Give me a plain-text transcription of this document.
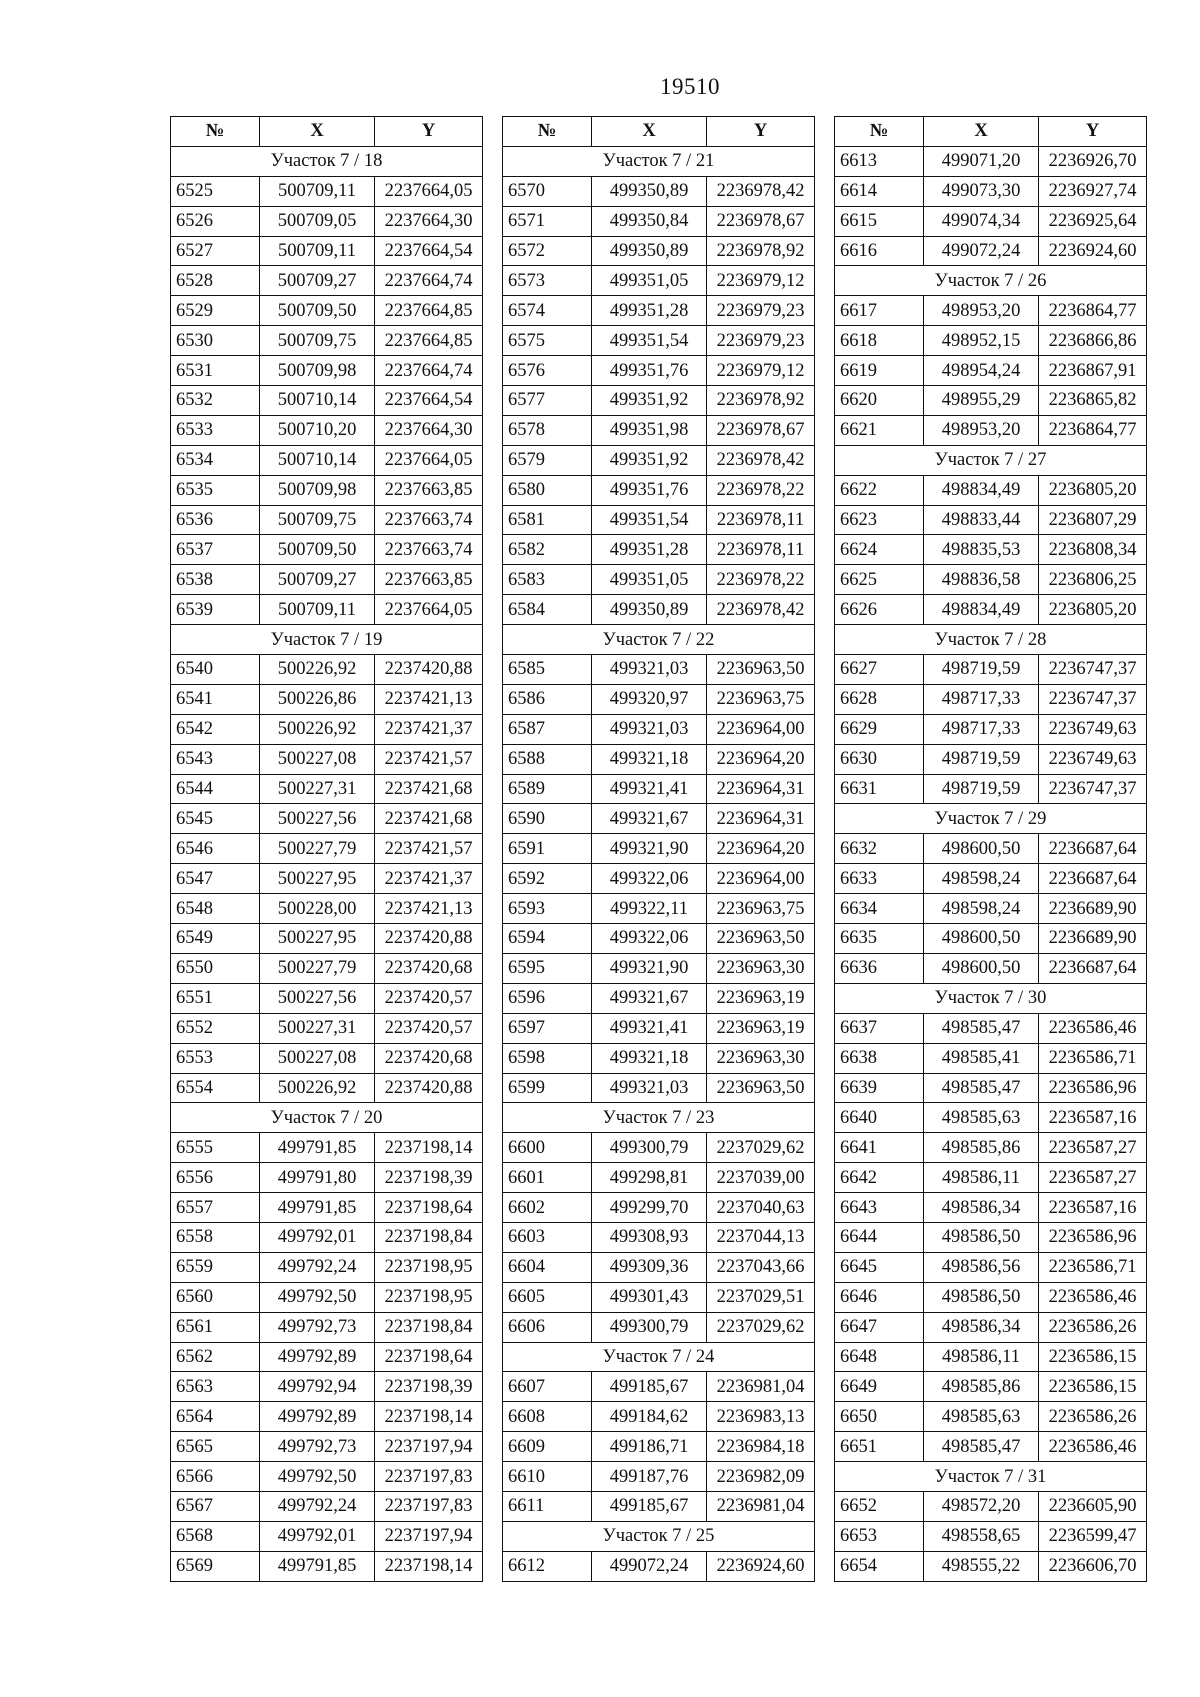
19510
№	X	Y
Участок 7 / 18		
6525	500709,11	2237664,05
6526	500709,05	2237664,30
6527	500709,11	2237664,54
6528	500709,27	2237664,74
6529	500709,50	2237664,85
6530	500709,75	2237664,85
6531	500709,98	2237664,74
6532	500710,14	2237664,54
6533	500710,20	2237664,30
6534	500710,14	2237664,05
6535	500709,98	2237663,85
6536	500709,75	2237663,74
6537	500709,50	2237663,74
6538	500709,27	2237663,85
6539	500709,11	2237664,05
Участок 7 / 19		
6540	500226,92	2237420,88
6541	500226,86	2237421,13
6542	500226,92	2237421,37
6543	500227,08	2237421,57
6544	500227,31	2237421,68
6545	500227,56	2237421,68
6546	500227,79	2237421,57
6547	500227,95	2237421,37
6548	500228,00	2237421,13
6549	500227,95	2237420,88
6550	500227,79	2237420,68
6551	500227,56	2237420,57
6552	500227,31	2237420,57
6553	500227,08	2237420,68
6554	500226,92	2237420,88
Участок 7 / 20		
6555	499791,85	2237198,14
6556	499791,80	2237198,39
6557	499791,85	2237198,64
6558	499792,01	2237198,84
6559	499792,24	2237198,95
6560	499792,50	2237198,95
6561	499792,73	2237198,84
6562	499792,89	2237198,64
6563	499792,94	2237198,39
6564	499792,89	2237198,14
6565	499792,73	2237197,94
6566	499792,50	2237197,83
6567	499792,24	2237197,83
6568	499792,01	2237197,94
6569	499791,85	2237198,14
№	X	Y
Участок 7 / 21		
6570	499350,89	2236978,42
6571	499350,84	2236978,67
6572	499350,89	2236978,92
6573	499351,05	2236979,12
6574	499351,28	2236979,23
6575	499351,54	2236979,23
6576	499351,76	2236979,12
6577	499351,92	2236978,92
6578	499351,98	2236978,67
6579	499351,92	2236978,42
6580	499351,76	2236978,22
6581	499351,54	2236978,11
6582	499351,28	2236978,11
6583	499351,05	2236978,22
6584	499350,89	2236978,42
Участок 7 / 22		
6585	499321,03	2236963,50
6586	499320,97	2236963,75
6587	499321,03	2236964,00
6588	499321,18	2236964,20
6589	499321,41	2236964,31
6590	499321,67	2236964,31
6591	499321,90	2236964,20
6592	499322,06	2236964,00
6593	499322,11	2236963,75
6594	499322,06	2236963,50
6595	499321,90	2236963,30
6596	499321,67	2236963,19
6597	499321,41	2236963,19
6598	499321,18	2236963,30
6599	499321,03	2236963,50
Участок 7 / 23		
6600	499300,79	2237029,62
6601	499298,81	2237039,00
6602	499299,70	2237040,63
6603	499308,93	2237044,13
6604	499309,36	2237043,66
6605	499301,43	2237029,51
6606	499300,79	2237029,62
Участок 7 / 24		
6607	499185,67	2236981,04
6608	499184,62	2236983,13
6609	499186,71	2236984,18
6610	499187,76	2236982,09
6611	499185,67	2236981,04
Участок 7 / 25		
6612	499072,24	2236924,60
№	X	Y
6613	499071,20	2236926,70
6614	499073,30	2236927,74
6615	499074,34	2236925,64
6616	499072,24	2236924,60
Участок 7 / 26		
6617	498953,20	2236864,77
6618	498952,15	2236866,86
6619	498954,24	2236867,91
6620	498955,29	2236865,82
6621	498953,20	2236864,77
Участок 7 / 27		
6622	498834,49	2236805,20
6623	498833,44	2236807,29
6624	498835,53	2236808,34
6625	498836,58	2236806,25
6626	498834,49	2236805,20
Участок 7 / 28		
6627	498719,59	2236747,37
6628	498717,33	2236747,37
6629	498717,33	2236749,63
6630	498719,59	2236749,63
6631	498719,59	2236747,37
Участок 7 / 29		
6632	498600,50	2236687,64
6633	498598,24	2236687,64
6634	498598,24	2236689,90
6635	498600,50	2236689,90
6636	498600,50	2236687,64
Участок 7 / 30		
6637	498585,47	2236586,46
6638	498585,41	2236586,71
6639	498585,47	2236586,96
6640	498585,63	2236587,16
6641	498585,86	2236587,27
6642	498586,11	2236587,27
6643	498586,34	2236587,16
6644	498586,50	2236586,96
6645	498586,56	2236586,71
6646	498586,50	2236586,46
6647	498586,34	2236586,26
6648	498586,11	2236586,15
6649	498585,86	2236586,15
6650	498585,63	2236586,26
6651	498585,47	2236586,46
Участок 7 / 31		
6652	498572,20	2236605,90
6653	498558,65	2236599,47
6654	498555,22	2236606,70
